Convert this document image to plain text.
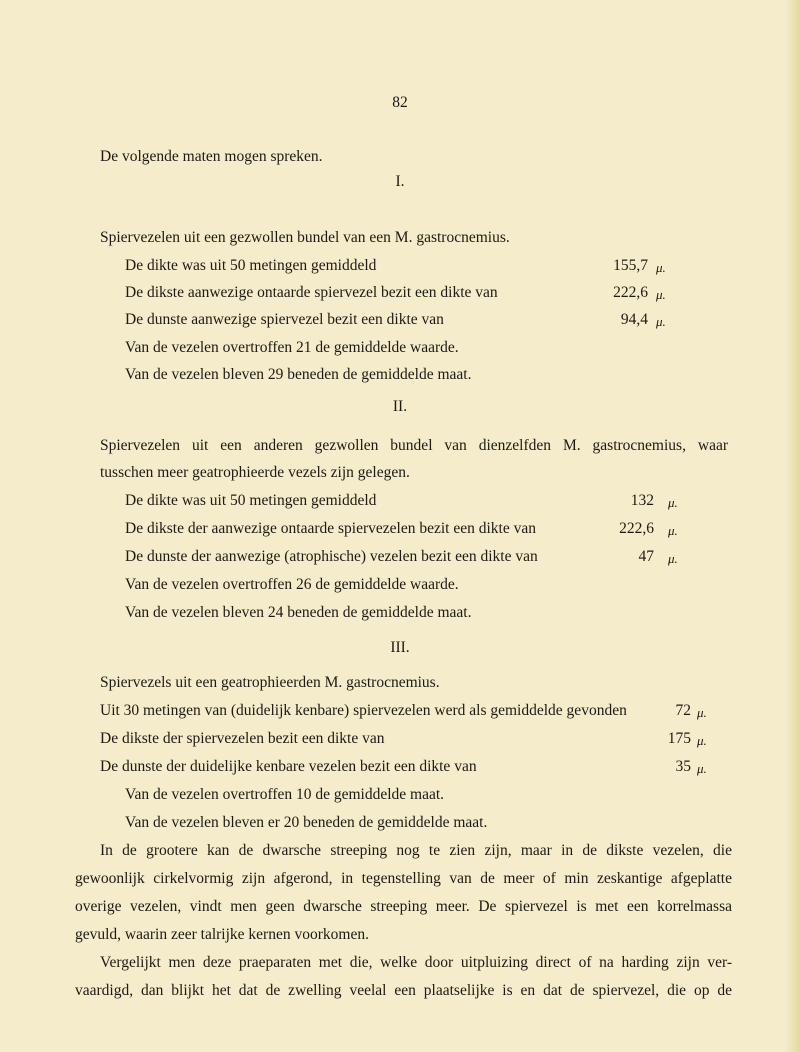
82
De volgende maten mogen spreken.
I.
Spiervezelen uit een gezwollen bundel van een M. gastrocnemius.
De dikte was uit 50 metingen gemiddeld	155,7 μ.
De dikste aanwezige ontaarde spiervezel bezit een dikte van	222,6 μ.
De dunste aanwezige spiervezel bezit een dikte van	94,4 μ.
Van de vezelen overtroffen 21 de gemiddelde waarde.
Van de vezelen bleven 29 beneden de gemiddelde maat.
II.
Spiervezelen uit een anderen gezwollen bundel van dienzelfden M. gastrocnemius, waar
tusschen meer geatrophieerde vezels zijn gelegen.
De dikte was uit 50 metingen gemiddeld	132 μ.
De dikste der aanwezige ontaarde spiervezelen bezit een dikte van	222,6 μ.
De dunste der aanwezige (atrophische) vezelen bezit een dikte van	47 μ.
Van de vezelen overtroffen 26 de gemiddelde waarde.
Van de vezelen bleven 24 beneden de gemiddelde maat.
III.
Spiervezels uit een geatrophieerden M. gastrocnemius.
Uit 30 metingen van (duidelijk kenbare) spiervezelen werd als gemiddelde gevonden	72 μ.
De dikste der spiervezelen bezit een dikte van	175 μ.
De dunste der duidelijke kenbare vezelen bezit een dikte van	35 μ.
Van de vezelen overtroffen 10 de gemiddelde maat.
Van de vezelen bleven er 20 beneden de gemiddelde maat.
In de grootere kan de dwarsche streeping nog te zien zijn, maar in de dikste vezelen, die
gewoonlijk cirkelvormig zijn afgerond, in tegenstelling van de meer of min zeskantige afgeplatte
overige vezelen, vindt men geen dwarsche streeping meer. De spiervezel is met een korrelmassa
gevuld, waarin zeer talrijke kernen voorkomen.
Vergelijkt men deze praeparaten met die, welke door uitpluizing direct of na harding zijn ver-
vaardigd, dan blijkt het dat de zwelling veelal een plaatselijke is en dat de spiervezel, die op de
